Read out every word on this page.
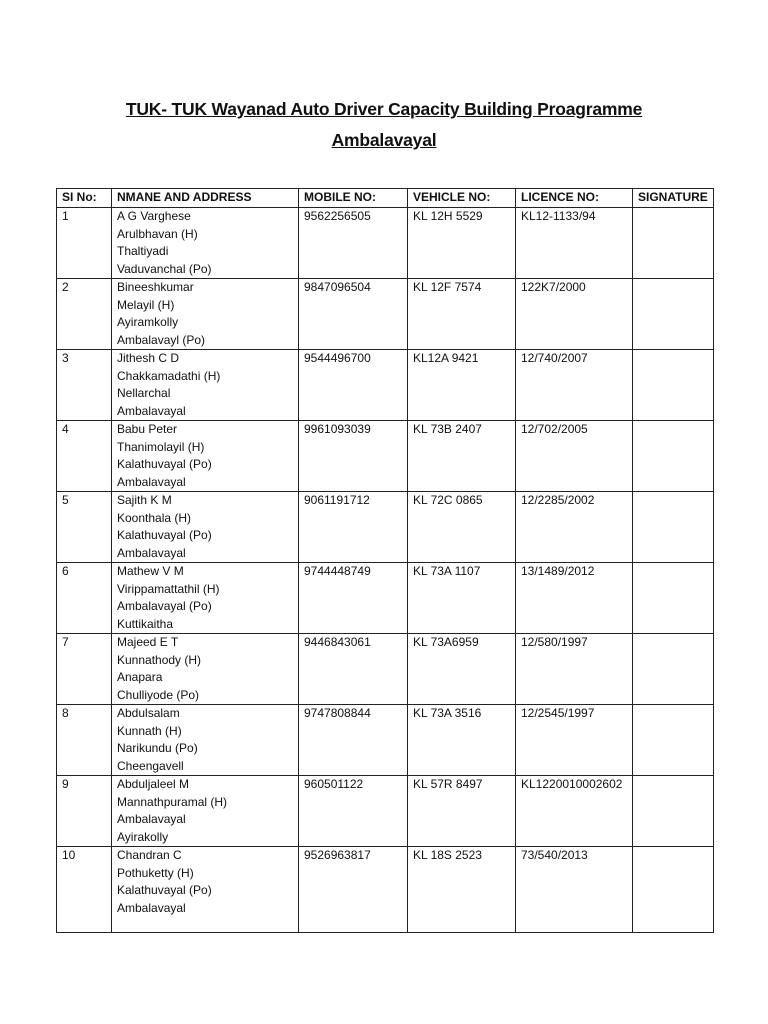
TUK- TUK Wayanad Auto Driver Capacity Building Proagramme
Ambalavayal
SI No:	NMANE AND ADDRESS	MOBILE NO:	VEHICLE NO:	LICENCE NO:	SIGNATURE
1	A G Varghese
Arulbhavan (H)
Thaltiyadi
Vaduvanchal (Po)	9562256505	KL 12H 5529	KL12-1133/94	
2	Bineeshkumar
Melayil (H)
Ayiramkolly
Ambalavayl (Po)	9847096504	KL 12F 7574	122K7/2000	
3	Jithesh C D
Chakkamadathi (H)
Nellarchal
Ambalavayal	9544496700	KL12A 9421	12/740/2007	
4	Babu Peter
Thanimolayil (H)
Kalathuvayal (Po)
Ambalavayal	9961093039	KL 73B 2407	12/702/2005	
5	Sajith K M
Koonthala (H)
Kalathuvayal (Po)
Ambalavayal	9061191712	KL 72C 0865	12/2285/2002	
6	Mathew V M
Virippamattathil (H)
Ambalavayal (Po)
Kuttikaitha	9744448749	KL 73A 1107	13/1489/2012	
7	Majeed E T
Kunnathody (H)
Anapara
Chulliyode (Po)	9446843061	KL 73A6959	12/580/1997	
8	Abdulsalam
Kunnath (H)
Narikundu (Po)
Cheengavell	9747808844	KL 73A 3516	12/2545/1997	
9	Abduljaleel M
Mannathpuramal (H)
Ambalavayal
Ayirakolly	960501122	KL 57R 8497	KL1220010002602	
10	Chandran C
Pothuketty (H)
Kalathuvayal (Po)
Ambalavayal	9526963817	KL 18S 2523	73/540/2013	
